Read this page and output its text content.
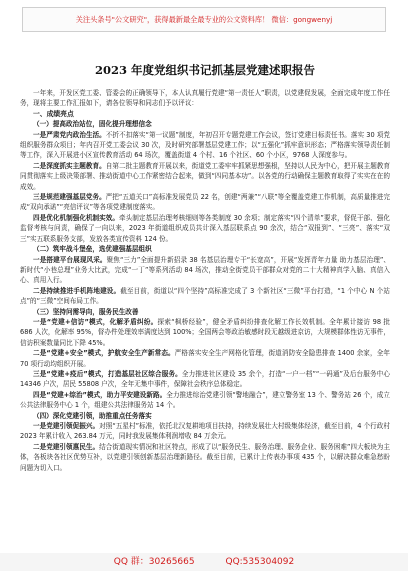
关注头条号"公文研究"，获得最新最全最专业的公文资料库！ 微信：gongwenyj
2023 年度党组织书记抓基层党建述职报告

一年来，开发区党工委、管委会的正确领导下，本人认真履行党建“第一责任人”职责，以党建促发展，全面完成年度工作任务，现将主要工作汇报如下，请各位领导和同志们予以评议：

一、成绩亮点

（一）提高政治站位，固化提升理想信念

一是严肃党内政治生活。不折不扣落实“第一议题”制度，年初召开专题党建工作会议，签订党建目标责任书。落实 30 项党组织服务群众项目；年内召开党工委会议 30 次，及时研究部署基层党建工作；以“五强化”抓牢意识形态；严格落实领导责任制等工作，深入开展进小区宣传教育活动 64 场次，覆盖街道 4 个村、16 个社区、60 个小区，9768 人深度参与。

二是深度抓实主题教育。自第二批主题教育开展以来，街道党工委牢牢抓紧思想强根，坚持以人民为中心，把开展主题教育同贯彻落实上级决策部署、推动街道中心工作紧密结合起来，做到“四同基本功”。以各党的行动确保主题教育取得了实实在在的成效。

三是规范建强基层党务。严把“五道关口”高标准发展党员 22 名，创建“两兼”“八联”等全覆盖党建工作机制，高质量推进完成“双向承诺”“亮信评议”等各项党建制度落实。

四是优化机制强化机制实效。牵头制定基层治理考核细则等各类制度 30 余项；制定落实“四个清单”要求，督促干部、强化监督考核与问责，确保了一向以来，2023 年街道组织成员共计深入基层联系点 90 余次，结合“双报到”、“三亮”、落实“双三”实五联系服务支部，发放各类宣传资料 124 份。

（二）筑牢战斗堡垒，选优建强基层组织

一是搭建平台展现风采。聚焦“三力”全面提升新招录 38 名基层治理专干“长宽高”，开展“发挥青年力量 助力基层治理”、新时代“小巷总理”业务大比武，完成“一丁”等系列活动 84 场次，推动全街党员干部群众对党的二十大精神真学入脑、真信入心、真用入行。

二是持续推进手机阵地建设。截至目前，街道以“四个坚持”高标准完成了 3 个新社区“三微”平台打造，“1 个中心 N 个站点”的“三微”空间布局工作。

（三）坚持问需导向，服务民生改善

一是“党建+信访”模式，化解矛盾纠纷。探索“枫桥经验”，健全矛盾纠纷排查化解工作长效机制。全年累计接访 98 批 686 人次，化解率 95%，督办件处理效率满度达到 100%；全国两会等政治敏感时段无越级进京访，大规模群体性访无事件，信访积案数量同比下降 45%。

二是“党建+安全”模式，护航安全生产新常态。严格落实安全生产网格化管理，街道消防安全隐患排查 1400 余家，全年 70 项行动均组织开展。

三是“党建+疫后”模式，打造基层社区综合服务。全力推进社区建设 35 余个，打造“一户一档”“一码通”及后台服务中心 14346 户次，居民 55808 户次，全年无集中事件，保障社会秩序总体稳定。

四是“党建+综治”模式，助力平安建设新路。全力推进综治党建引领“警地融合”，建立警务室 13 个、警务站 26 个，成立公共法律服务中心 1 个，组建公共法律服务站 14 个。

（四）深化党建引领，助推重点任务落实

一是党建引领促振兴。对照“五星村”标准，依托北汉复耕地项目扶持，持续发展壮大村级集体经济，截至目前，4 个行政村 2023 年累计收入 263.84 万元，同时我发展集体利润增收 84 万余元。

二是党建引领惠民生。结合街道现实情况和社区特点，形成了以“服务民生、服务治理、服务企业、服务困难”四大板块为主体，各板块各社区优势互补，以党建引领创新基层治理新路径。截至目前，已累计上传表办事项 435 个，以解决群众难急愁盼问题为切入口。

QQ 群：30265665	QQ:535304092
